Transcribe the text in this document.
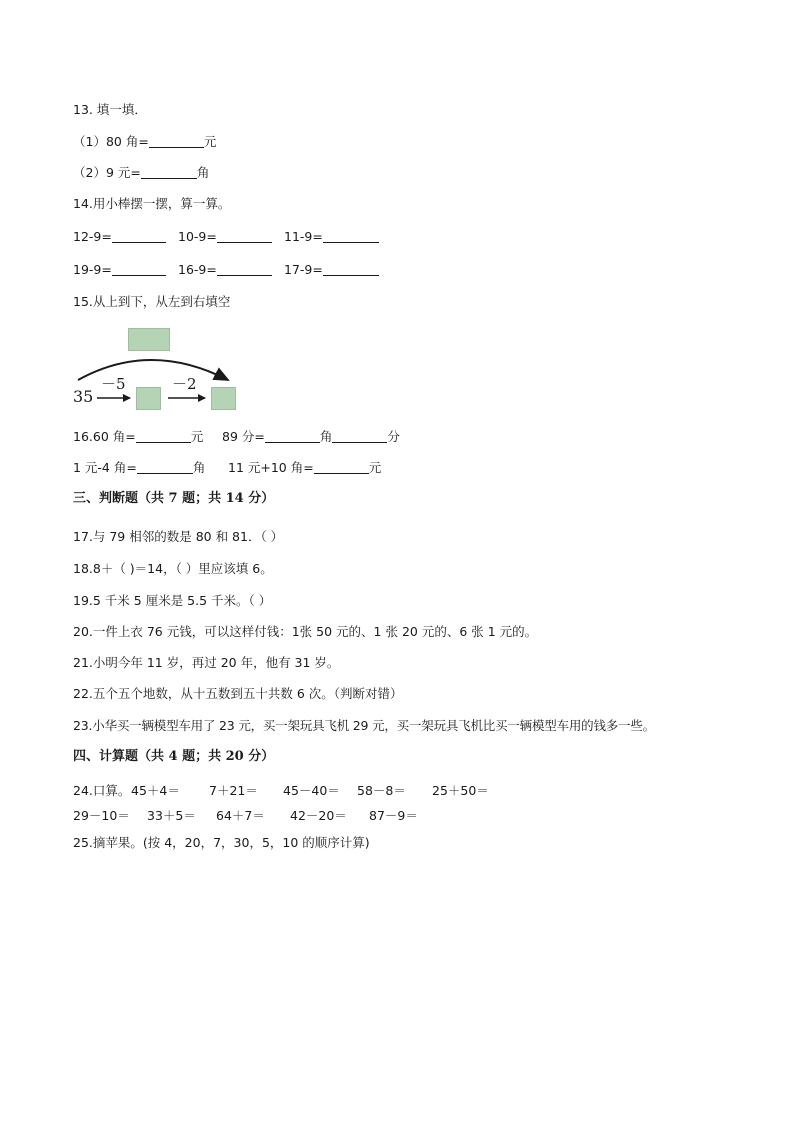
13. 填一填．
（1）80 角=	元
（2）9 元=	角
14.用小棒摆一摆，算一算。
12-9=	10-9=	11-9=
19-9=	16-9=	17-9=
15.从上到下，从左到右填空
35
－5	－2
16.60 角=	元 89 分=	角	分
1 元-4 角=	角 11 元+10 角=	元
三、判断题（共 7 题；共 14 分）
17.与 79 相邻的数是 80 和 81．（ ）
18.8＋（ )＝14，（ ）里应该填 6。
19.5 千米 5 厘米是 5.5 千米。（ ）
20.一件上衣 76 元钱，可以这样付钱：1张 50 元的、1 张 20 元的、6 张 1 元的。
21.小明今年 11 岁，再过 20 年，他有 31 岁。
22.五个五个地数，从十五数到五十共数 6 次。（判断对错）
23.小华买一辆模型车用了 23 元，买一架玩具飞机 29 元，买一架玩具飞机比买一辆模型车用的钱多一些。
四、计算题（共 4 题；共 20 分）
24.口算。 45＋4＝ 7＋21＝ 45－40＝ 58－8＝ 25＋50＝
29－10＝ 33＋5＝ 64＋7＝ 42－20＝ 87－9＝
25.摘苹果。(按 4，20，7，30，5，10 的顺序计算)
